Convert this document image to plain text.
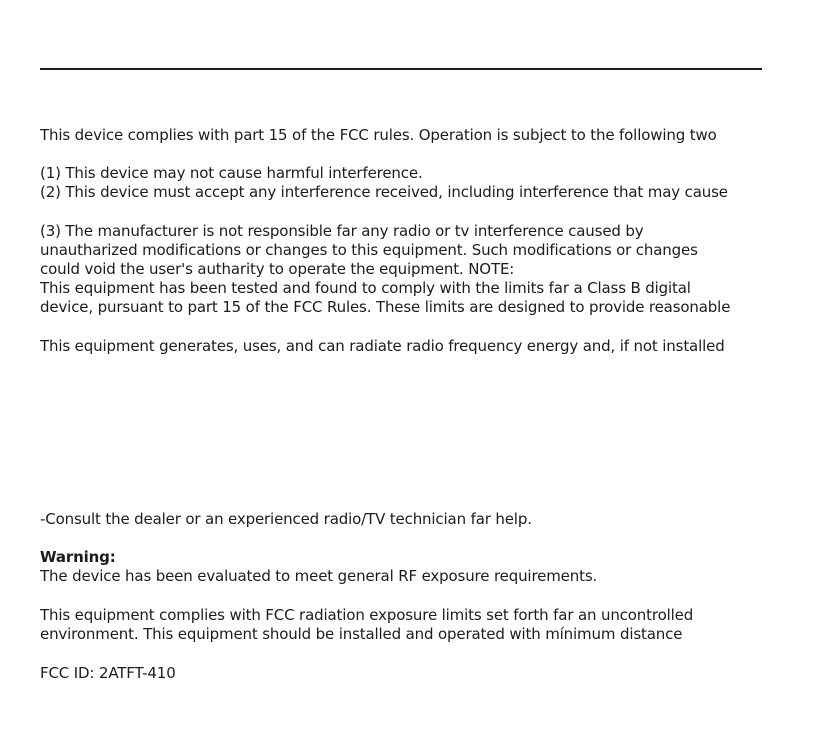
This device complies with part 15 of the FCC rules. Operation is subject to the following two
(1) This device may not cause harmful interference.
(2) This device must accept any interference received, including interference that may cause
(3) The manufacturer is not responsible far any radio or tv interference caused by
unautharized modifications or changes to this equipment. Such modifications or changes
could void the user's autharity to operate the equipment. NOTE:
This equipment has been tested and found to comply with the limits far a Class B digital
device, pursuant to part 15 of the FCC Rules. These limits are designed to provide reasonable
This equipment generates, uses, and can radiate radio frequency energy and, if not installed
-Consult the dealer or an experienced radio/TV technician far help.
Warning:
The device has been evaluated to meet general RF exposure requirements.
This equipment complies with FCC radiation exposure limits set forth far an uncontrolled
environment. This equipment should be installed and operated with mínimum distance
FCC ID: 2ATFT-410
